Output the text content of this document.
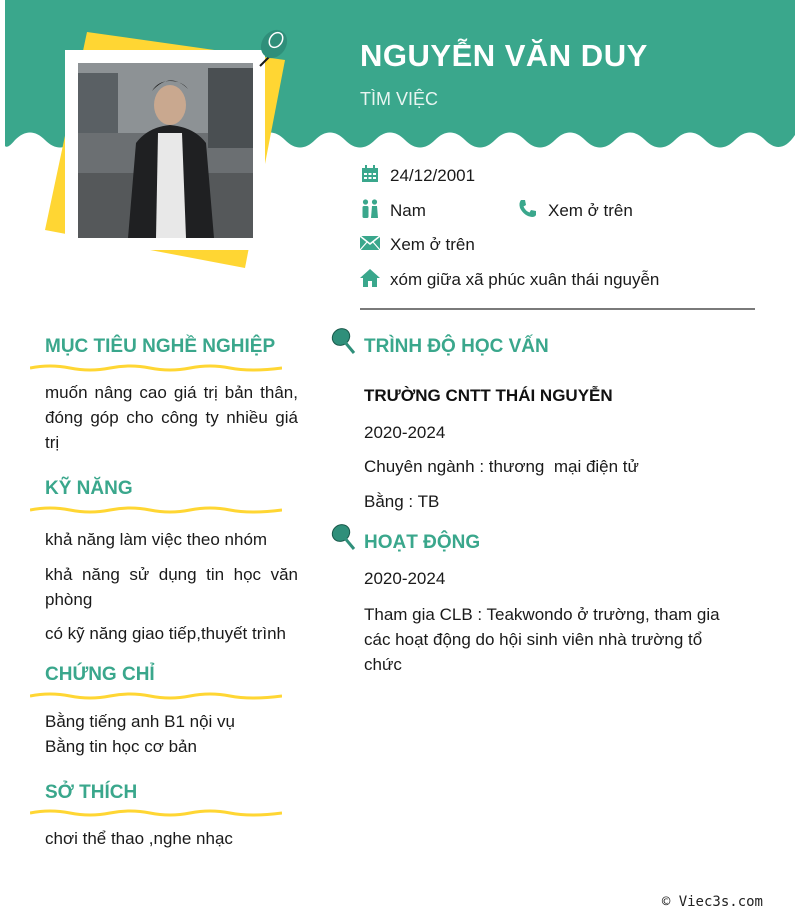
NGUYỄN VĂN DUY
TÌM VIỆC
24/12/2001
Nam	Xem ở trên
Xem ở trên
xóm giữa xã phúc xuân thái nguyễn
MỤC TIÊU NGHỀ NGHIỆP
muốn nâng cao giá trị bản thân, đóng góp cho công ty nhiều giá trị
KỸ NĂNG
khả năng làm việc theo nhóm
khả năng sử dụng tin học văn phòng
có kỹ năng giao tiếp,thuyết trình
CHỨNG CHỈ
Bằng tiếng anh B1 nội vụ
Bằng tin học cơ bản
SỞ THÍCH
chơi thể thao ,nghe nhạc
TRÌNH ĐỘ HỌC VẤN
TRƯỜNG CNTT THÁI NGUYỄN
2020-2024
Chuyên ngành : thương  mại điện tử
Bằng : TB
HOẠT ĐỘNG
2020-2024
Tham gia CLB : Teakwondo ở trường, tham gia các hoạt động do hội sinh viên nhà trường tổ chức
© Viec3s.com
